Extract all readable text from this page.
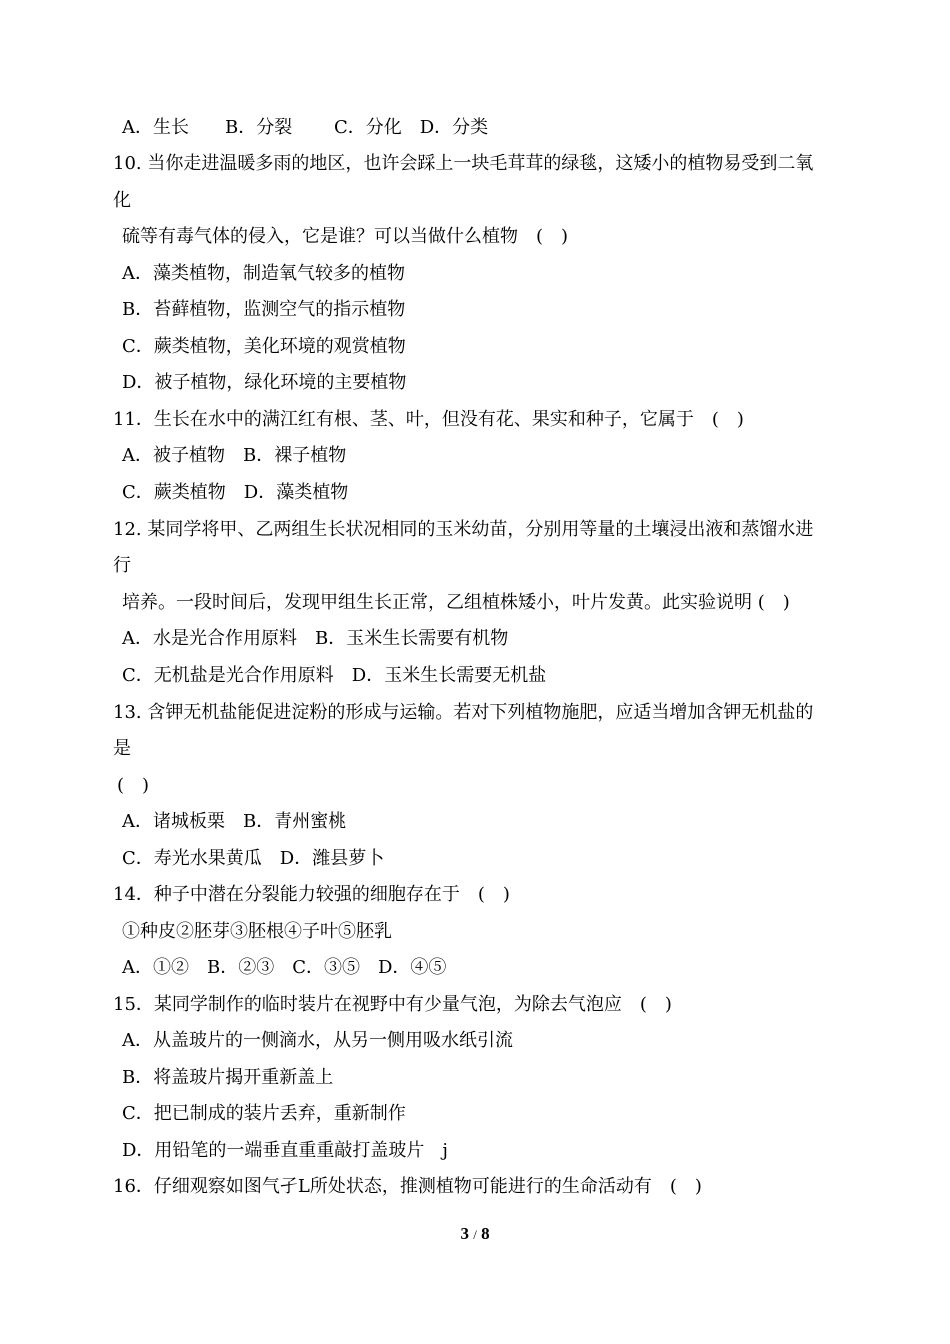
A．生长　　B．分裂　　 C．分化　D．分类
10. 当你走进温暖多雨的地区，也许会踩上一块毛茸茸的绿毯，这矮小的植物易受到二氧
化
硫等有毒气体的侵入，它是谁？可以当做什么植物　(　)
A．藻类植物，制造氧气较多的植物
B．苔藓植物，监测空气的指示植物
C．蕨类植物，美化环境的观赏植物
D．被子植物，绿化环境的主要植物
11．生长在水中的满江红有根、茎、叶，但没有花、果实和种子，它属于　(　)
A．被子植物　B．裸子植物
C．蕨类植物　D．藻类植物
12. 某同学将甲、乙两组生长状况相同的玉米幼苗，分别用等量的土壤浸出液和蒸馏水进
行
培养。一段时间后，发现甲组生长正常，乙组植株矮小，叶片发黄。此实验说明 (　)
A．水是光合作用原料　B．玉米生长需要有机物
C．无机盐是光合作用原料　D．玉米生长需要无机盐
13. 含钾无机盐能促进淀粉的形成与运输。若对下列植物施肥，应适当增加含钾无机盐的
是
(　)
A．诸城板栗　B．青州蜜桃
C．寿光水果黄瓜　D．潍县萝卜
14．种子中潜在分裂能力较强的细胞存在于　(　)
①种皮②胚芽③胚根④子叶⑤胚乳
A．①②　B．②③　C．③⑤　D．④⑤
15．某同学制作的临时装片在视野中有少量气泡，为除去气泡应　(　)
A．从盖玻片的一侧滴水，从另一侧用吸水纸引流
B．将盖玻片揭开重新盖上
C．把已制成的装片丢弃，重新制作
D．用铅笔的一端垂直重重敲打盖玻片　j
16．仔细观察如图气孑L所处状态，推测植物可能进行的生命活动有　(　)
3 / 8
